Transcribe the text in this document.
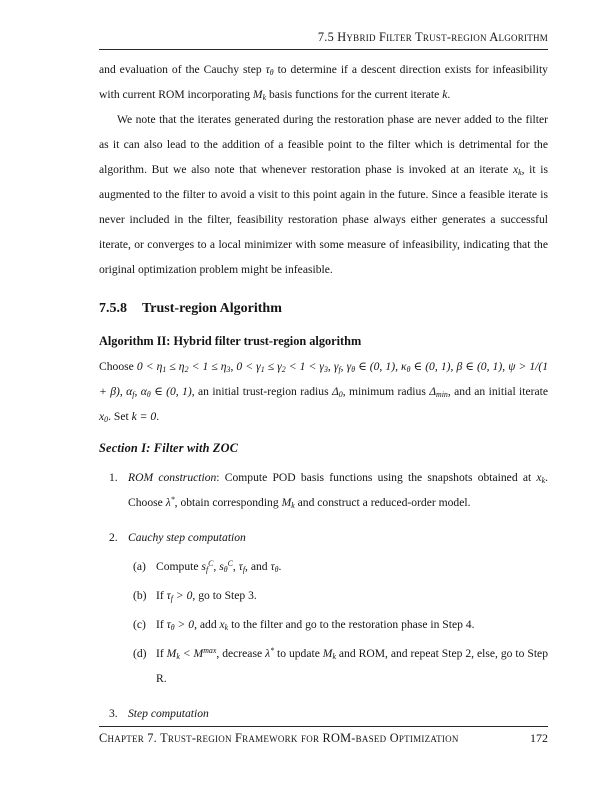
7.5 Hybrid Filter Trust-region Algorithm

and evaluation of the Cauchy step $\tau_\theta$ to determine if a descent direction exists for infeasibility with current ROM incorporating $M_k$ basis functions for the current iterate k.

We note that the iterates generated during the restoration phase are never added to the filter as it can also lead to the addition of a feasible point to the filter which is detrimental for the algorithm. But we also note that whenever restoration phase is invoked at an iterate $x_k$, it is augmented to the filter to avoid a visit to this point again in the future. Since a feasible iterate is never included in the filter, feasibility restoration phase always either generates a successful iterate, or converges to a local minimizer with some measure of infeasibility, indicating that the original optimization problem might be infeasible.

7.5.8 Trust-region Algorithm
Algorithm II: Hybrid filter trust-region algorithm

Choose $0 < \eta_1 \le \eta_2 < 1 \le \eta_3$, $0 < \gamma_1 \le \gamma_2 < 1 < \gamma_3$, $\gamma_f$, $\gamma_\theta$ ∈ (0, 1), $\kappa_\theta$ ∈ (0, 1), β ∈ (0, 1), ψ > 1/(1 + β), $\alpha_f$, $\alpha_\theta$ ∈ (0, 1), an initial trust-region radius $\Delta_0$, minimum radius $\Delta_{min}$, and an initial iterate $x_0$. Set k = 0.

Section I: Filter with ZOC
1. ROM construction: Compute POD basis functions using the snapshots obtained at $x_k$. Choose λ*, obtain corresponding $M_k$ and construct a reduced-order model.
2. Cauchy step computation
(a) Compute $s_f^C$, $s_\theta^C$, $\tau_f$, and $\tau_\theta$.
(b) If $\tau_f > 0$, go to Step 3.
(c) If $\tau_\theta > 0$, add $x_k$ to the filter and go to the restoration phase in Step 4.
(d) If $M_k < M^{max}$, decrease λ* to update $M_k$ and ROM, and repeat Step 2, else, go to Step R.
3. Step computation
Chapter 7. Trust-region Framework for ROM-based Optimization	172
